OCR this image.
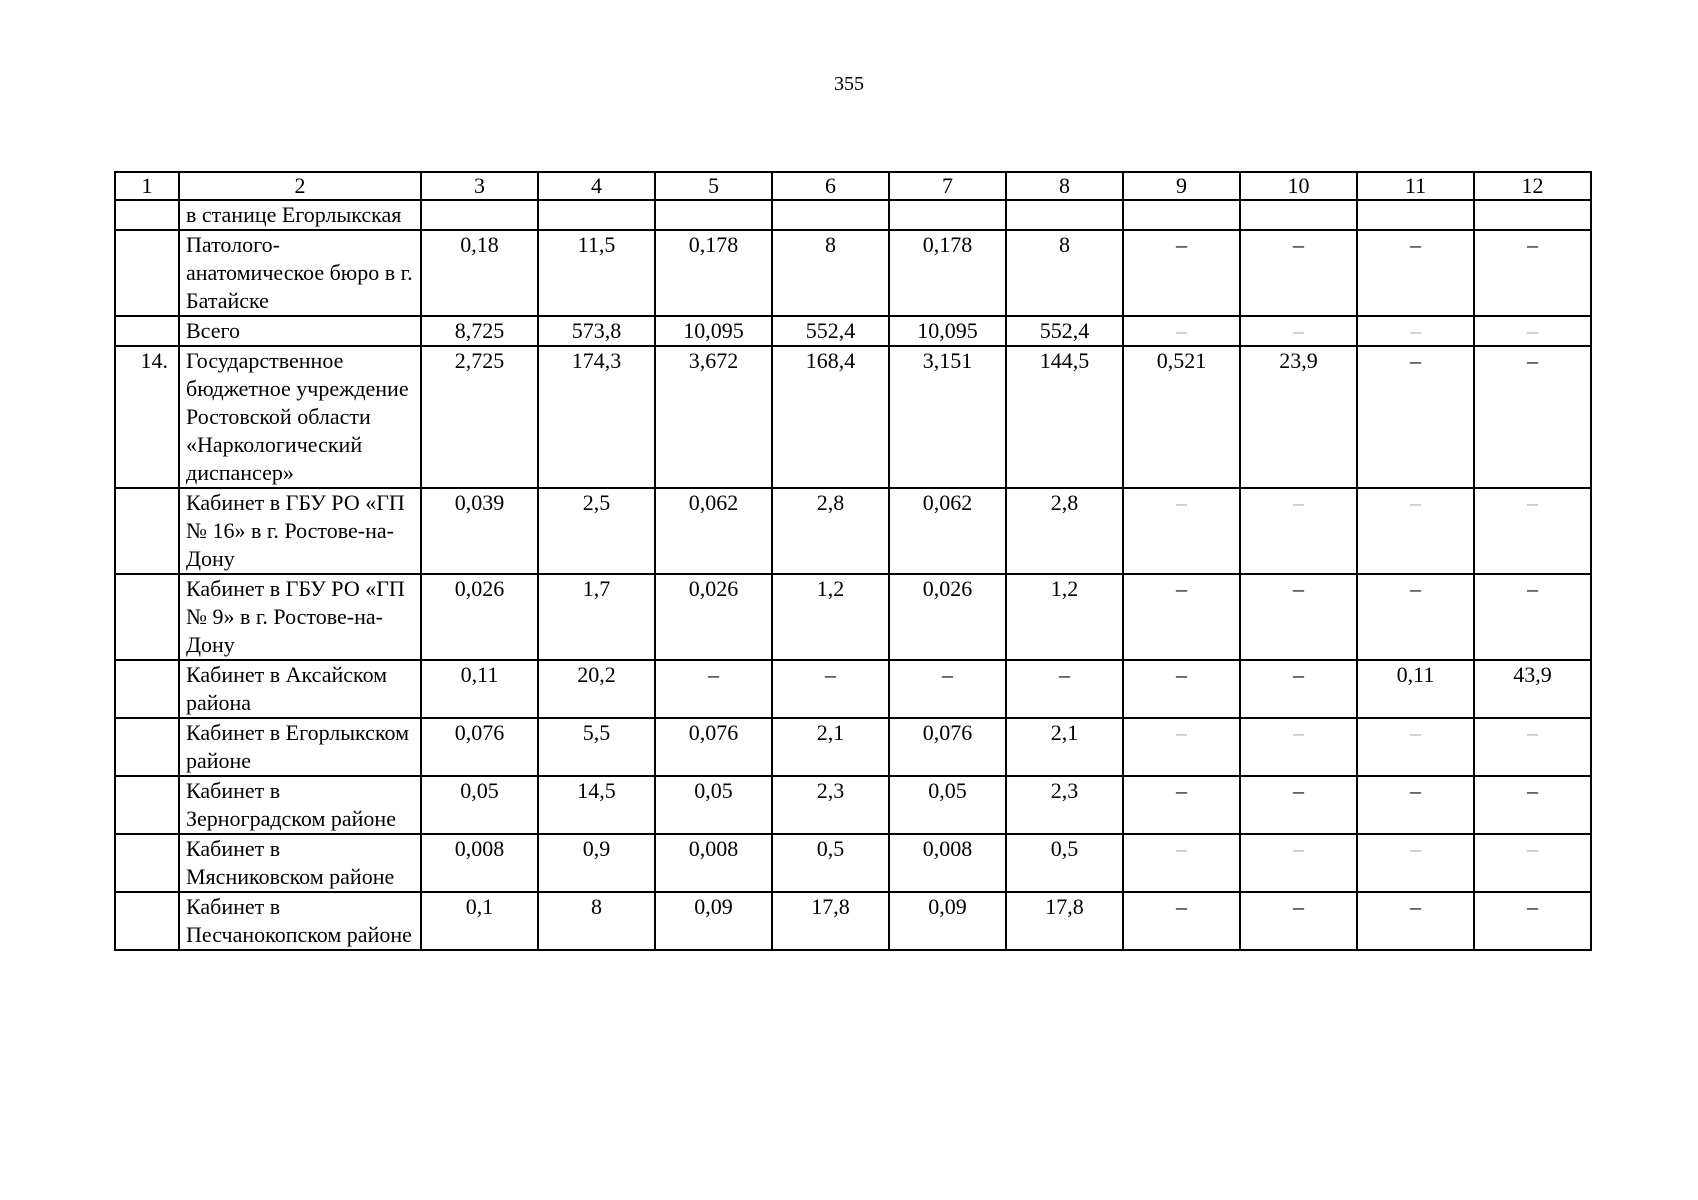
355
1	2	3	4	5	6	7	8	9	10	11	12
	в станице Егорлыкская										
	Патолого-анатомическое бюро в г. Батайске	0,18	11,5	0,178	8	0,178	8	–	–	–	–
	Всего	8,725	573,8	10,095	552,4	10,095	552,4	–	–	–	–
14.	Государственное бюджетное учреждение Ростовской области «Наркологический диспансер»	2,725	174,3	3,672	168,4	3,151	144,5	0,521	23,9	–	–
	Кабинет в ГБУ РО «ГП № 16» в г. Ростове-на-Дону	0,039	2,5	0,062	2,8	0,062	2,8	–	–	–	–
	Кабинет в ГБУ РО «ГП № 9» в г. Ростове-на-Дону	0,026	1,7	0,026	1,2	0,026	1,2	–	–	–	–
	Кабинет в Аксайском района	0,11	20,2	–	–	–	–	–	–	0,11	43,9
	Кабинет в Егорлыкском районе	0,076	5,5	0,076	2,1	0,076	2,1	–	–	–	–
	Кабинет в Зерноградском районе	0,05	14,5	0,05	2,3	0,05	2,3	–	–	–	–
	Кабинет в Мясниковском районе	0,008	0,9	0,008	0,5	0,008	0,5	–	–	–	–
	Кабинет в Песчанокопском районе	0,1	8	0,09	17,8	0,09	17,8	–	–	–	–
